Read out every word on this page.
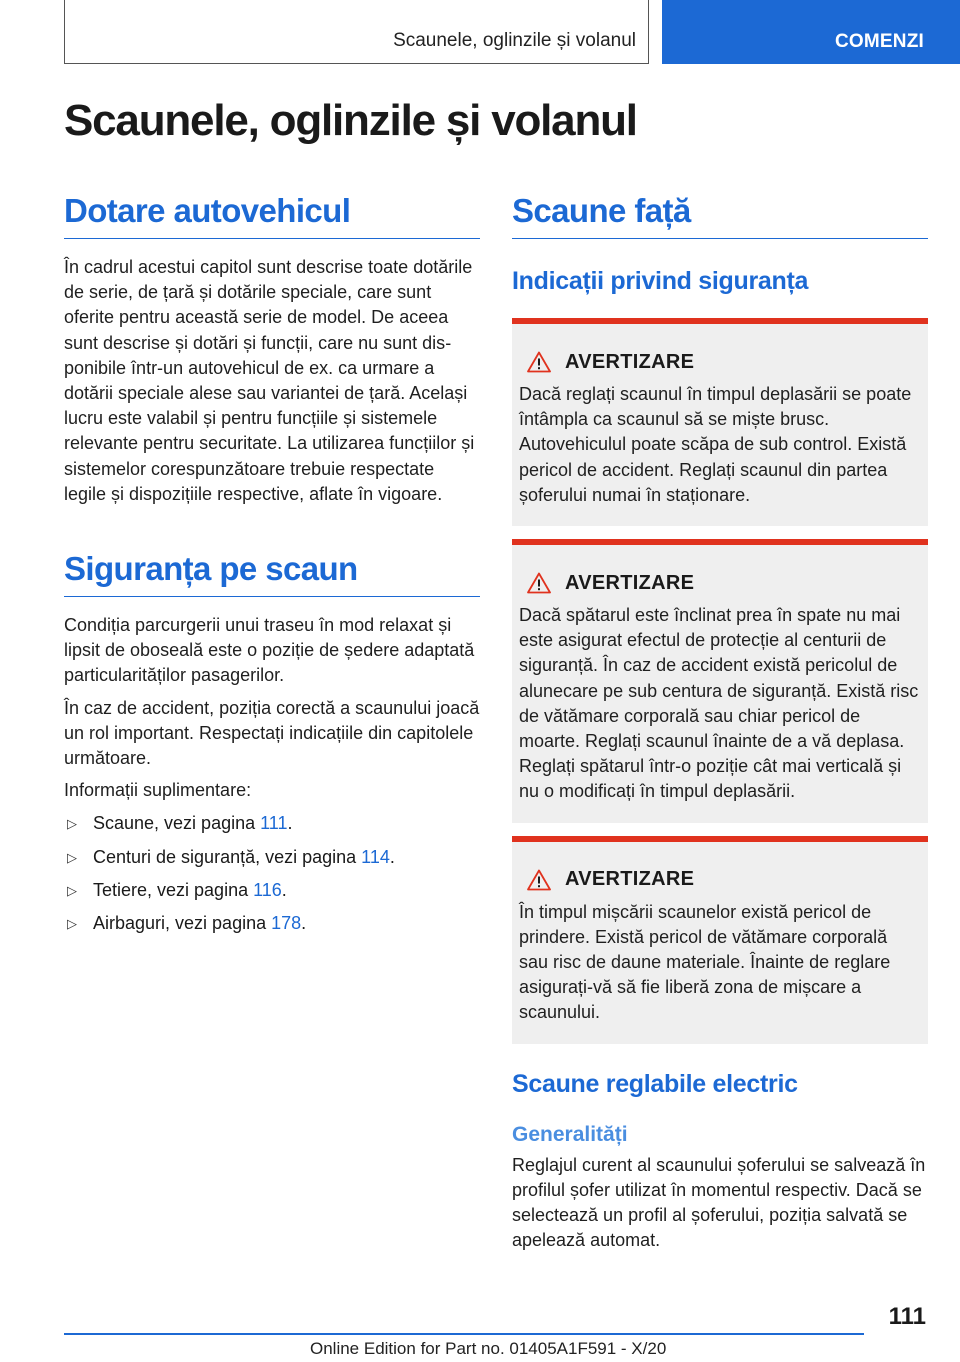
Scaunele, oglinzile și volanul	COMENZI
Scaunele, oglinzile și volanul
Dotare autovehicul

În cadrul acestui capitol sunt descrise toate dotările de serie, de țară și dotările speciale, care sunt oferite pentru această serie de model. De aceea sunt descrise și dotări și funcții, care nu sunt disponibile într-un autovehicul de ex. ca urmare a dotării speciale alese sau variantei de țară. Același lucru este valabil și pentru funcțiile și sistemele relevante pentru securitate. La utilizarea funcțiilor și sistemelor corespunzătoare trebuie respectate legile și dispozițiile respective, aflate în vigoare.

Siguranța pe scaun

Condiția parcurgerii unui traseu în mod relaxat și lipsit de oboseală este o poziție de ședere adaptată particularităților pasagerilor.

În caz de accident, poziția corectă a scaunului joacă un rol important. Respectați indicațiile din capitolele următoare.

Informații suplimentare:

▷ Scaune, vezi pagina 111.
▷ Centuri de siguranță, vezi pagina 114.
▷ Tetiere, vezi pagina 116.
▷ Airbaguri, vezi pagina 178.
Scaune față
Indicații privind siguranța
AVERTIZARE

Dacă reglați scaunul în timpul deplasării se poate întâmpla ca scaunul să se miște brusc. Autovehiculul poate scăpa de sub control. Există pericol de accident. Reglați scaunul din partea șoferului numai în staționare.

AVERTIZARE

Dacă spătarul este înclinat prea în spate nu mai este asigurat efectul de protecție al centurii de siguranță. În caz de accident există pericolul de alunecare pe sub centura de siguranță. Există risc de vătămare corporală sau chiar pericol de moarte. Reglați scaunul înainte de a vă deplasa. Reglați spătarul într-o poziție cât mai verticală și nu o modificați în timpul deplasării.

AVERTIZARE

În timpul mișcării scaunelor există pericol de prindere. Există pericol de vătămare corporală sau risc de daune materiale. Înainte de reglare asigurați-vă să fie liberă zona de mișcare a scaunului.

Scaune reglabile electric
Generalități

Reglajul curent al scaunului șoferului se salvează în profilul șofer utilizat în momentul respectiv. Dacă se selectează un profil al șoferului, poziția salvată se apelează automat.

111
Online Edition for Part no. 01405A1F591 - X/20
